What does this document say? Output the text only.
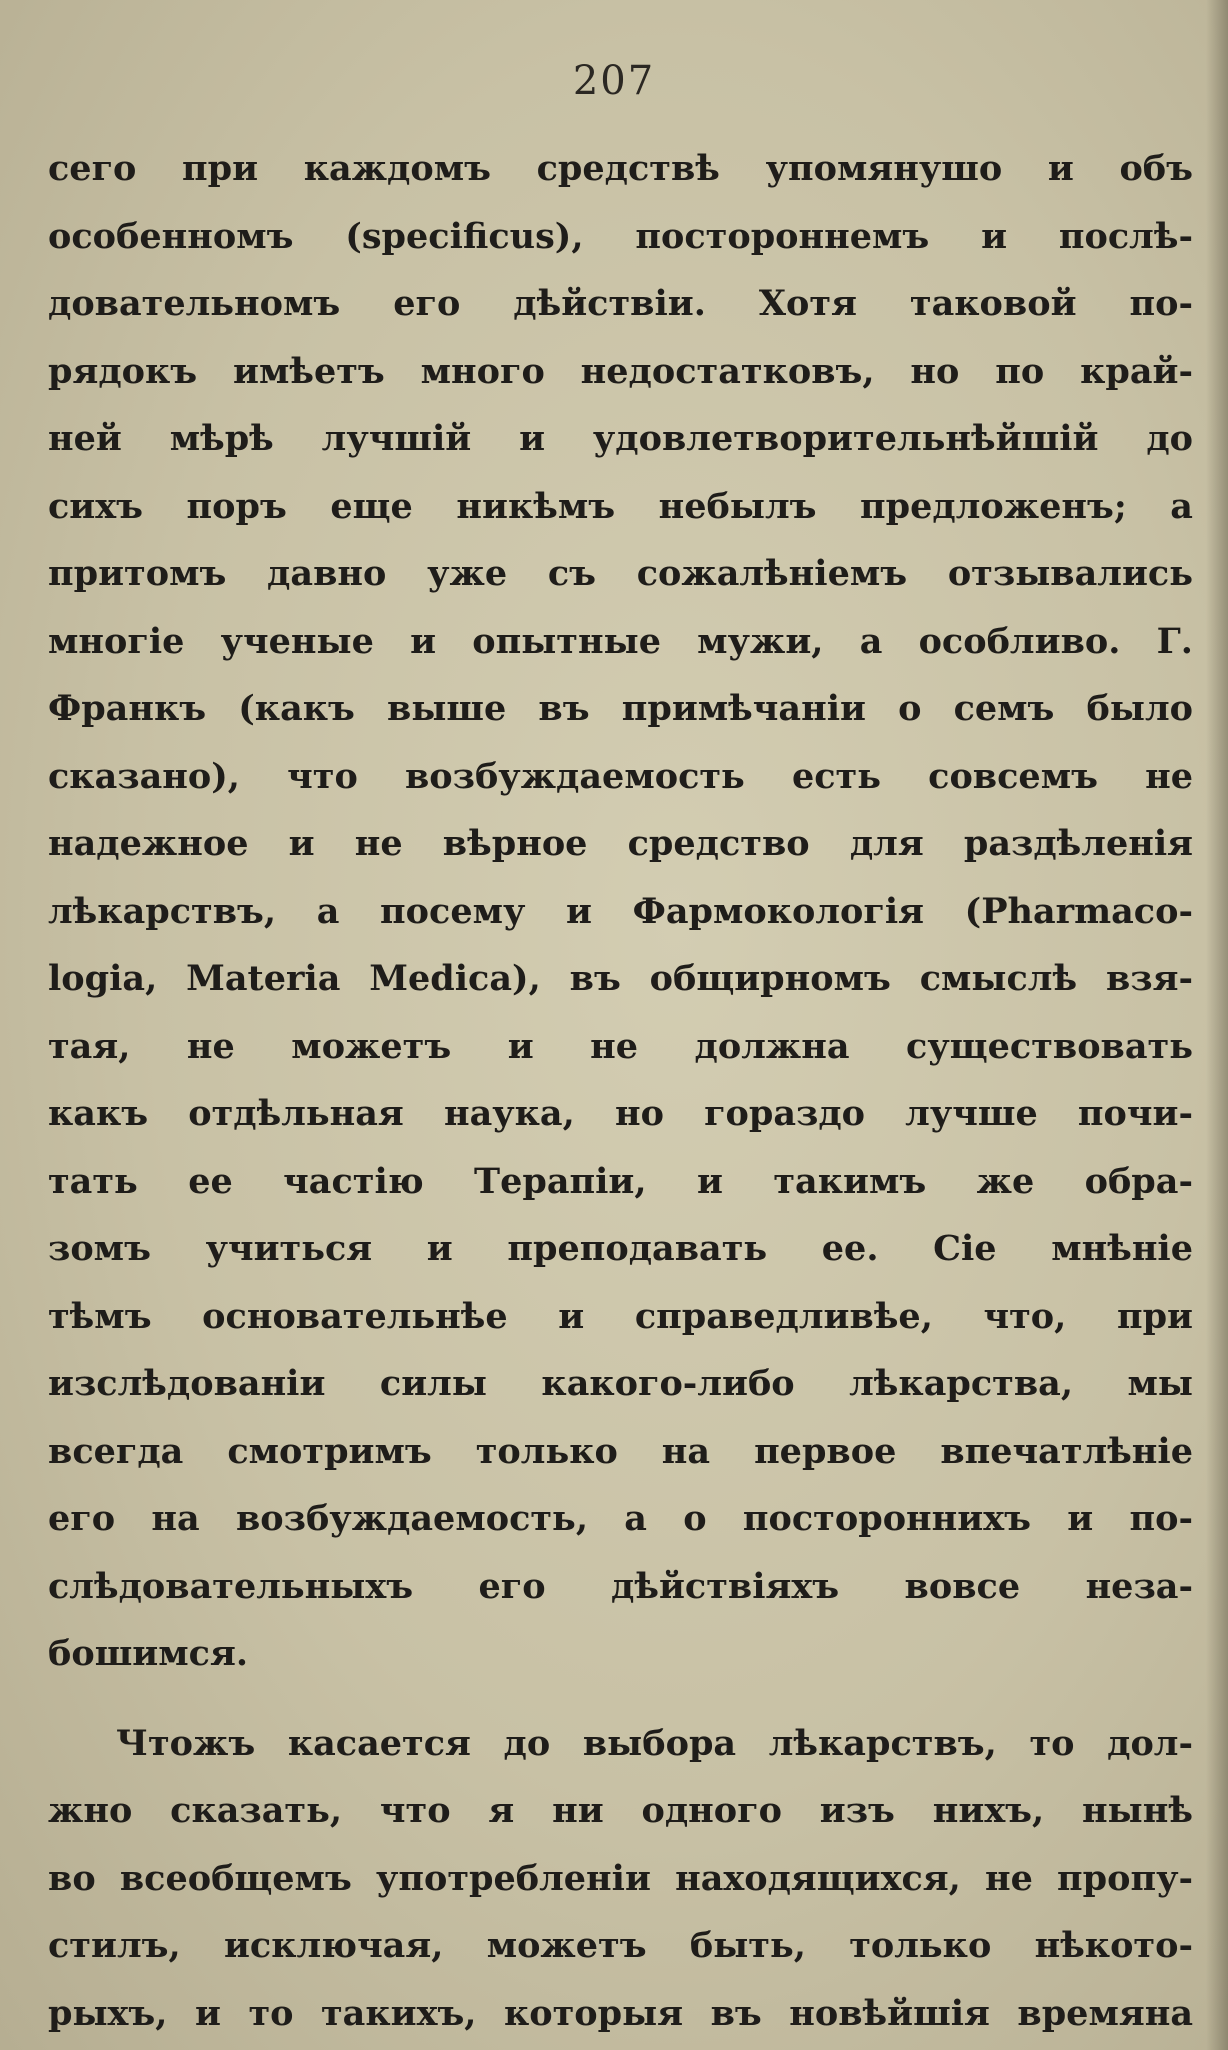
207
сего при каждомъ средствѣ упомянушо и объ
особенномъ (specificus), постороннемъ и послѣ-
довательномъ его дѣйствіи. Хотя таковой по-
рядокъ имѣетъ много недостатковъ, но по край-
ней мѣрѣ лучшій и удовлетворительнѣйшій до
сихъ поръ еще никѣмъ небылъ предложенъ; а
притомъ давно уже съ сожалѣніемъ отзывались
многіе ученые и опытные мужи, а особливо. Г.
Франкъ (какъ выше въ примѣчаніи о семъ было
сказано), что возбуждаемость есть совсемъ не
надежное и не вѣрное средство для раздѣленія
лѣкарствъ, а посему и Фармокологія (Pharmaco-
logia, Materia Medica), въ общирномъ смыслѣ взя-
тая, не можетъ и не должна существовать
какъ отдѣльная наука, но гораздо лучше почи-
тать ее частію Терапіи, и такимъ же обра-
зомъ учиться и преподавать ее. Сіе мнѣніе
тѣмъ основательнѣе и справедливѣе, что, при
изслѣдованіи силы какого-либо лѣкарства, мы
всегда смотримъ только на первое впечатлѣніе
его на возбуждаемость, а о постороннихъ и по-
слѣдовательныхъ его дѣйствіяхъ вовсе неза-
бошимся.
Чтожъ касается до выбора лѣкарствъ, то дол-
жно сказать, что я ни одного изъ нихъ, нынѣ
во всеобщемъ употребленіи находящихся, не пропу-
стилъ, исключая, можетъ быть, только нѣкото-
рыхъ, и то такихъ, которыя въ новѣйшія времяна
